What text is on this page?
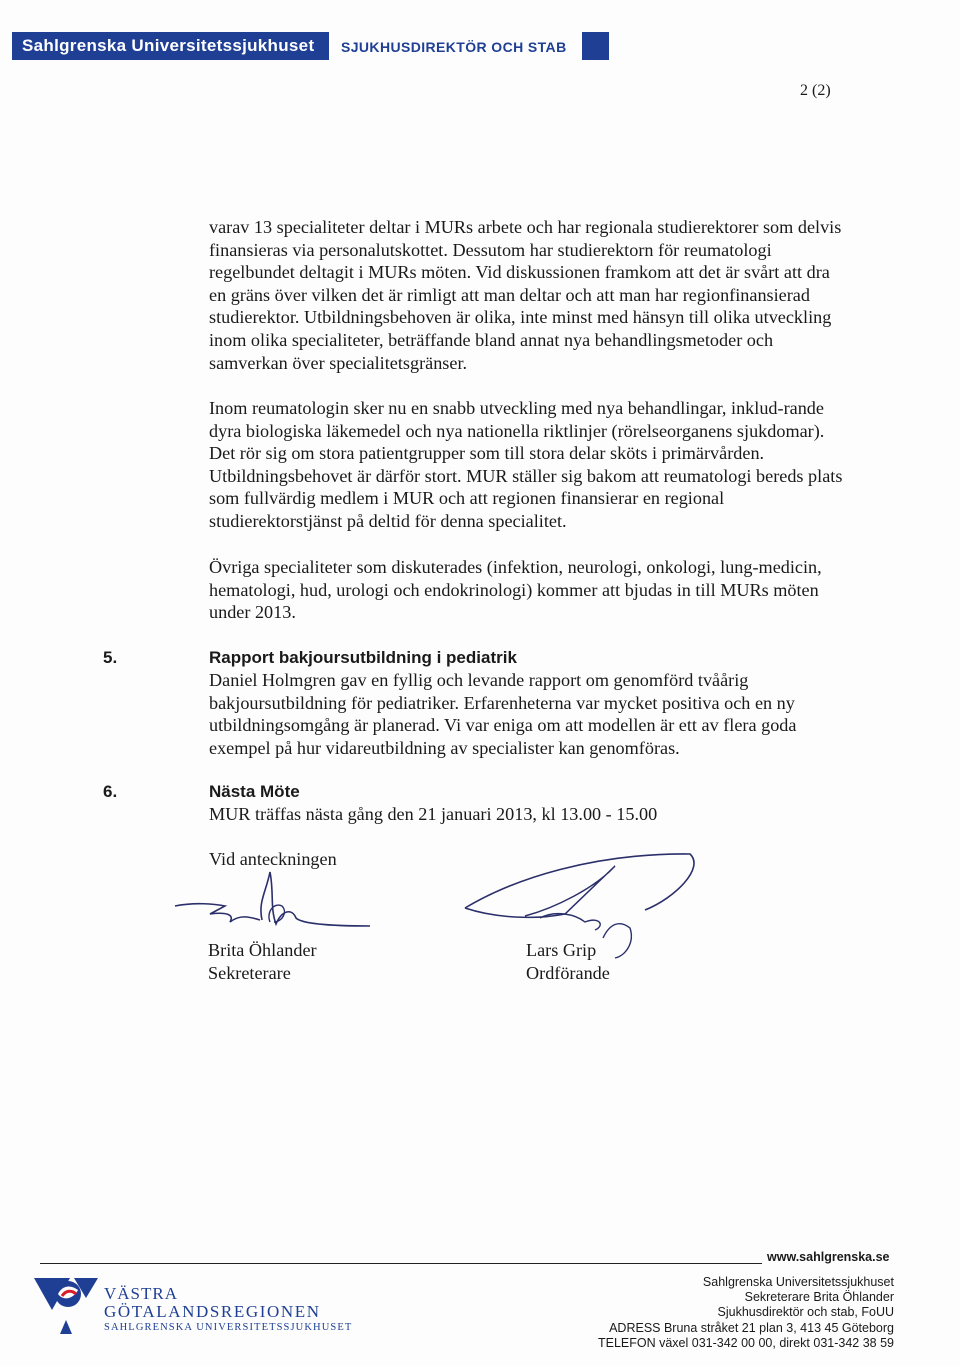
Sahlgrenska Universitetssjukhuset	SJUKHUSDIREKTÖR OCH STAB
2 (2)

varav 13 specialiteter deltar i MURs arbete och har regionala studierektorer som delvis finansieras via personalutskottet. Dessutom har studierektorn för reumatologi regelbundet deltagit i MURs möten. Vid diskussionen framkom att det är svårt att dra en gräns över vilken det är rimligt att man deltar och att man har regionfinansierad studierektor. Utbildningsbehoven är olika, inte minst med hänsyn till olika utveckling inom olika specialiteter, beträffande bland annat nya behandlingsmetoder och samverkan över specialitetsgränser.

Inom reumatologin sker nu en snabb utveckling med nya behandlingar, inklud-rande dyra biologiska läkemedel och nya nationella riktlinjer (rörelseorganens sjukdomar). Det rör sig om stora patientgrupper som till stora delar sköts i primärvården. Utbildningsbehovet är därför stort. MUR ställer sig bakom att reumatologi bereds plats som fullvärdig medlem i MUR och att regionen finansierar en regional studierektorstjänst på deltid för denna specialitet.

Övriga specialiteter som diskuterades (infektion, neurologi, onkologi, lung-medicin, hematologi, hud, urologi och endokrinologi) kommer att bjudas in till MURs möten under 2013.

5.	Rapport bakjoursutbildning i pediatrik

Daniel Holmgren gav en fyllig och levande rapport om genomförd tvåårig bakjoursutbildning för pediatriker. Erfarenheterna var mycket positiva och en ny utbildningsomgång är planerad. Vi var eniga om att modellen är ett av flera goda exempel på hur vidareutbildning av specialister kan genomföras.

6.	Nästa Möte

MUR träffas nästa gång den 21 januari 2013, kl 13.00 - 15.00

Vid anteckningen

Brita Öhlander
Sekreterare
Lars Grip
Ordförande
www.sahlgrenska.se
VÄSTRA
GÖTALANDSREGIONEN
SAHLGRENSKA UNIVERSITETSSJUKHUSET
Sahlgrenska Universitetssjukhuset
Sekreterare Brita Öhlander
Sjukhusdirektör och stab, FoUU
ADRESS Bruna stråket 21 plan 3, 413 45 Göteborg
TELEFON växel 031-342 00 00, direkt 031-342 38 59
